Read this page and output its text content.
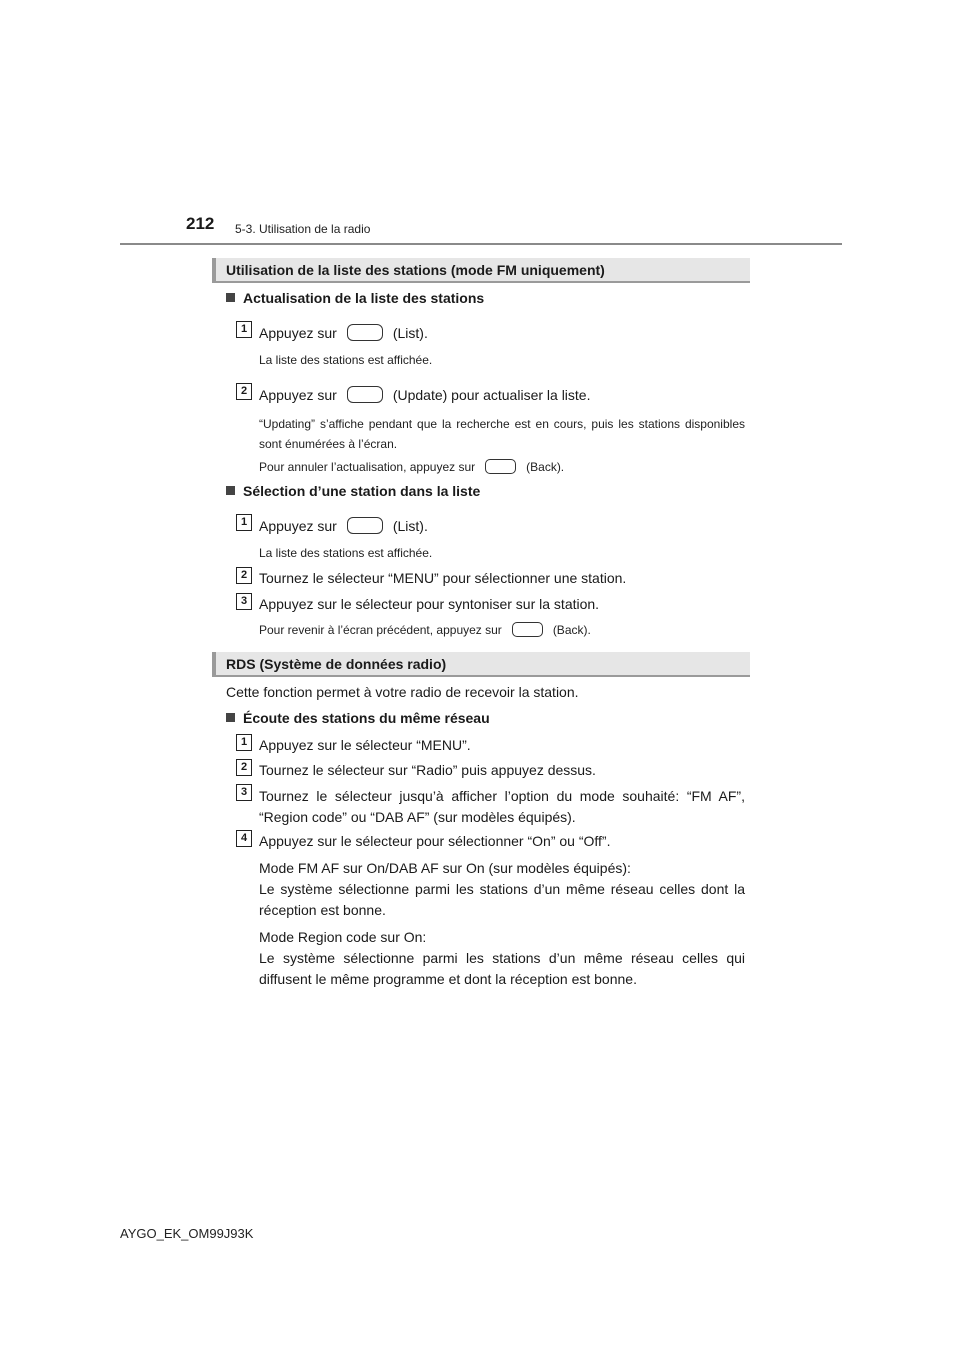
212 5-3. Utilisation de la radio
Utilisation de la liste des stations (mode FM uniquement)
Actualisation de la liste des stations
1 Appuyez sur	(List).
La liste des stations est affichée.
2 Appuyez sur	(Update) pour actualiser la liste.
“Updating” s’affiche pendant que la recherche est en cours, puis les stations disponibles sont énumérées à l’écran.
Pour annuler l’actualisation, appuyez sur	(Back).
Sélection d’une station dans la liste
1 Appuyez sur	(List).
La liste des stations est affichée.
2 Tournez le sélecteur “MENU” pour sélectionner une station.
3 Appuyez sur le sélecteur pour syntoniser sur la station.
Pour revenir à l’écran précédent, appuyez sur	(Back).
RDS (Système de données radio)
Cette fonction permet à votre radio de recevoir la station.
Écoute des stations du même réseau
1 Appuyez sur le sélecteur “MENU”.
2 Tournez le sélecteur sur “Radio” puis appuyez dessus.
3 Tournez le sélecteur jusqu’à afficher l’option du mode souhaité: “FM AF”, “Region code” ou “DAB AF” (sur modèles équipés).
4 Appuyez sur le sélecteur pour sélectionner “On” ou “Off”.
Mode FM AF sur On/DAB AF sur On (sur modèles équipés):
Le système sélectionne parmi les stations d’un même réseau celles dont la réception est bonne.
Mode Region code sur On:
Le système sélectionne parmi les stations d’un même réseau celles qui diffusent le même programme et dont la réception est bonne.
AYGO_EK_OM99J93K
